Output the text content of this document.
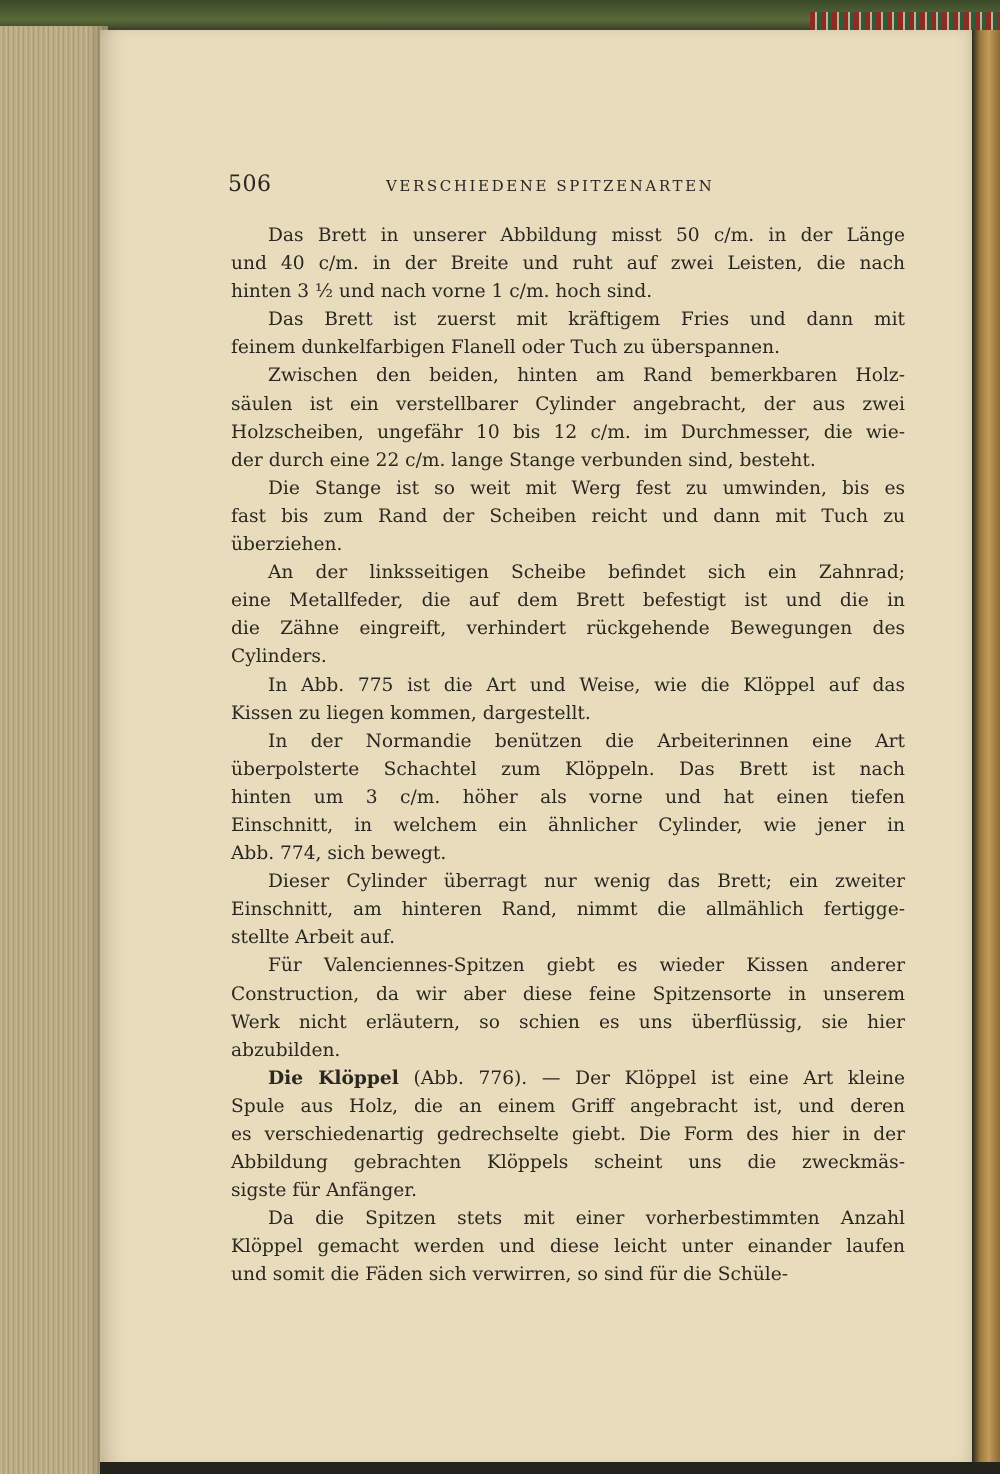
506	VERSCHIEDENE SPITZENARTEN
Das Brett in unserer Abbildung misst 50 c/m. in der Länge
und 40 c/m. in der Breite und ruht auf zwei Leisten, die nach
hinten 3 ½ und nach vorne 1 c/m. hoch sind.
Das Brett ist zuerst mit kräftigem Fries und dann mit
feinem dunkelfarbigen Flanell oder Tuch zu überspannen.
Zwischen den beiden, hinten am Rand bemerkbaren Holz-
säulen ist ein verstellbarer Cylinder angebracht, der aus zwei
Holzscheiben, ungefähr 10 bis 12 c/m. im Durchmesser, die wie-
der durch eine 22 c/m. lange Stange verbunden sind, besteht.
Die Stange ist so weit mit Werg fest zu umwinden, bis es
fast bis zum Rand der Scheiben reicht und dann mit Tuch zu
überziehen.
An der linksseitigen Scheibe befindet sich ein Zahnrad;
eine Metallfeder, die auf dem Brett befestigt ist und die in
die Zähne eingreift, verhindert rückgehende Bewegungen des
Cylinders.
In Abb. 775 ist die Art und Weise, wie die Klöppel auf das
Kissen zu liegen kommen, dargestellt.
In der Normandie benützen die Arbeiterinnen eine Art
überpolsterte Schachtel zum Klöppeln. Das Brett ist nach
hinten um 3 c/m. höher als vorne und hat einen tiefen
Einschnitt, in welchem ein ähnlicher Cylinder, wie jener in
Abb. 774, sich bewegt.
Dieser Cylinder überragt nur wenig das Brett; ein zweiter
Einschnitt, am hinteren Rand, nimmt die allmählich fertigge-
stellte Arbeit auf.
Für Valenciennes-Spitzen giebt es wieder Kissen anderer
Construction, da wir aber diese feine Spitzensorte in unserem
Werk nicht erläutern, so schien es uns überflüssig, sie hier
abzubilden.
Die Klöppel (Abb. 776). — Der Klöppel ist eine Art kleine
Spule aus Holz, die an einem Griff angebracht ist, und deren
es verschiedenartig gedrechselte giebt. Die Form des hier in der
Abbildung gebrachten Klöppels scheint uns die zweckmäs-
sigste für Anfänger.
Da die Spitzen stets mit einer vorherbestimmten Anzahl
Klöppel gemacht werden und diese leicht unter einander laufen
und somit die Fäden sich verwirren, so sind für die Schüle-
